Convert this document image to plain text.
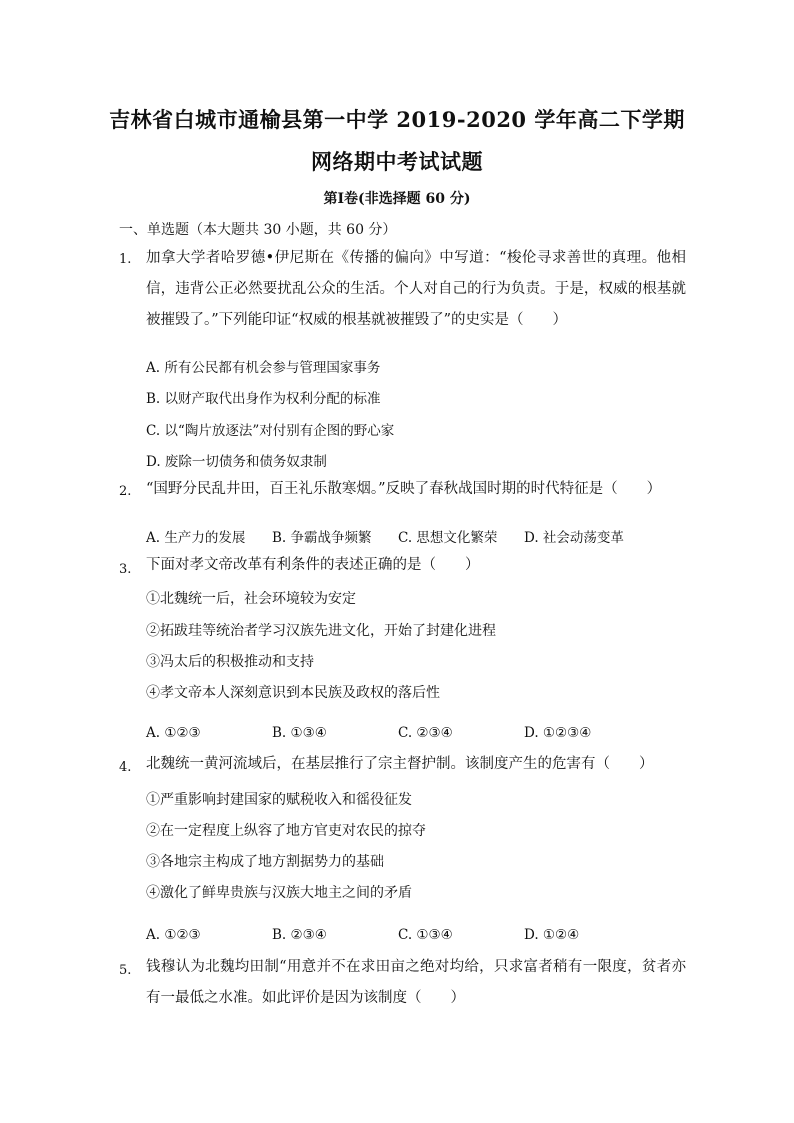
吉林省白城市通榆县第一中学 2019-2020 学年高二下学期
网络期中考试试题
第Ⅰ卷(非选择题 60 分)
一、单选题（本大题共 30 小题，共 60 分）
1. 加拿大学者哈罗德•伊尼斯在《传播的偏向》中写道：“梭伦寻求善世的真理。他相信，违背公正必然要扰乱公众的生活。个人对自己的行为负责。于是，权威的根基就被摧毁了。”下列能印证“权威的根基就被摧毁了”的史实是（　　）
A. 所有公民都有机会参与管理国家事务
B. 以财产取代出身作为权利分配的标准
C. 以“陶片放逐法”对付别有企图的野心家
D. 废除一切债务和债务奴隶制
2. “国野分民乱井田，百王礼乐散寒烟。”反映了春秋战国时期的时代特征是（　　）
A. 生产力的发展 B. 争霸战争频繁 C. 思想文化繁荣 D. 社会动荡变革
3. 下面对孝文帝改革有利条件的表述正确的是（　　）
①北魏统一后，社会环境较为安定
②拓跋珪等统治者学习汉族先进文化，开始了封建化进程
③冯太后的积极推动和支持
④孝文帝本人深刻意识到本民族及政权的落后性
A. ①②③	B. ①③④	C. ②③④	D. ①②③④
4. 北魏统一黄河流域后，在基层推行了宗主督护制。该制度产生的危害有（　　）
①严重影响封建国家的赋税收入和徭役征发
②在一定程度上纵容了地方官吏对农民的掠夺
③各地宗主构成了地方割据势力的基础
④激化了鲜卑贵族与汉族大地主之间的矛盾
A. ①②③	B. ②③④	C. ①③④	D. ①②④
5. 钱穆认为北魏均田制“用意并不在求田亩之绝对均给，只求富者稍有一限度，贫者亦有一最低之水准。如此评价是因为该制度（　　）
